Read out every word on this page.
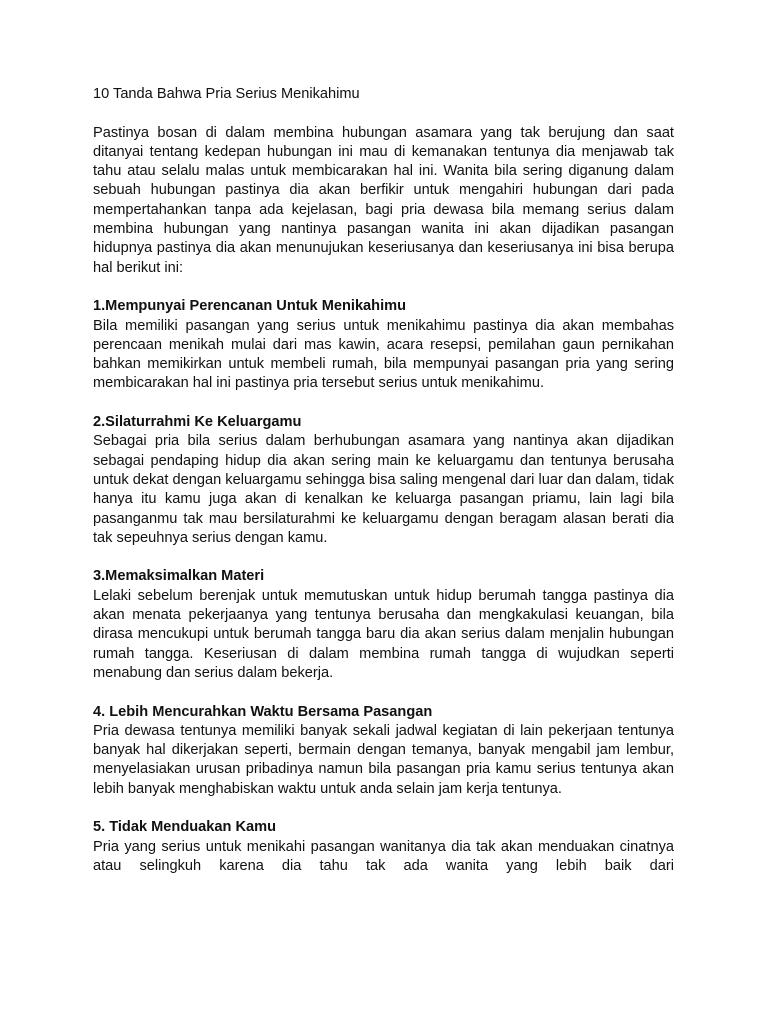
10 Tanda Bahwa Pria Serius Menikahimu

Pastinya bosan di dalam membina hubungan asamara yang tak berujung dan saat ditanyai tentang kedepan hubungan ini mau di kemanakan tentunya dia menjawab tak tahu atau selalu malas untuk membicarakan hal ini. Wanita bila sering diganung dalam sebuah hubungan pastinya dia akan berfikir untuk mengahiri hubungan dari pada mempertahankan tanpa ada kejelasan, bagi pria dewasa bila memang serius dalam membina hubungan yang nantinya pasangan wanita ini akan dijadikan pasangan hidupnya pastinya dia akan menunujukan keseriusanya dan keseriusanya ini bisa berupa hal berikut ini:

1.Mempunyai Perencanan Untuk Menikahimu

Bila memiliki pasangan yang serius untuk menikahimu pastinya dia akan membahas perencaan menikah mulai dari mas kawin, acara resepsi, pemilahan gaun pernikahan bahkan memikirkan untuk membeli rumah, bila mempunyai pasangan pria yang sering membicarakan hal ini pastinya pria tersebut serius untuk menikahimu.

2.Silaturrahmi Ke Keluargamu

Sebagai pria bila serius dalam berhubungan asamara yang nantinya akan dijadikan sebagai pendaping hidup dia akan sering main ke keluargamu dan tentunya berusaha untuk dekat dengan keluargamu sehingga bisa saling mengenal dari luar dan dalam, tidak hanya itu kamu juga akan di kenalkan ke keluarga pasangan priamu, lain lagi bila pasanganmu tak mau bersilaturahmi ke keluargamu dengan beragam alasan berati dia tak sepeuhnya serius dengan kamu.

3.Memaksimalkan Materi

Lelaki sebelum berenjak untuk memutuskan untuk hidup berumah tangga pastinya dia akan menata pekerjaanya yang tentunya berusaha dan mengkakulasi keuangan, bila dirasa mencukupi untuk berumah tangga baru dia akan serius dalam menjalin hubungan rumah tangga. Keseriusan di dalam membina rumah tangga di wujudkan seperti menabung dan serius dalam bekerja.

4. Lebih Mencurahkan Waktu Bersama Pasangan

Pria dewasa tentunya memiliki banyak sekali jadwal kegiatan di lain pekerjaan tentunya banyak hal dikerjakan seperti, bermain dengan temanya, banyak mengabil jam lembur, menyelasiakan urusan pribadinya namun bila pasangan pria kamu serius tentunya akan lebih banyak menghabiskan waktu untuk anda selain jam kerja tentunya.

5. Tidak Menduakan Kamu

Pria yang serius untuk menikahi pasangan wanitanya dia tak akan menduakan cinatnya atau selingkuh karena dia tahu tak ada wanita yang lebih baik dari
